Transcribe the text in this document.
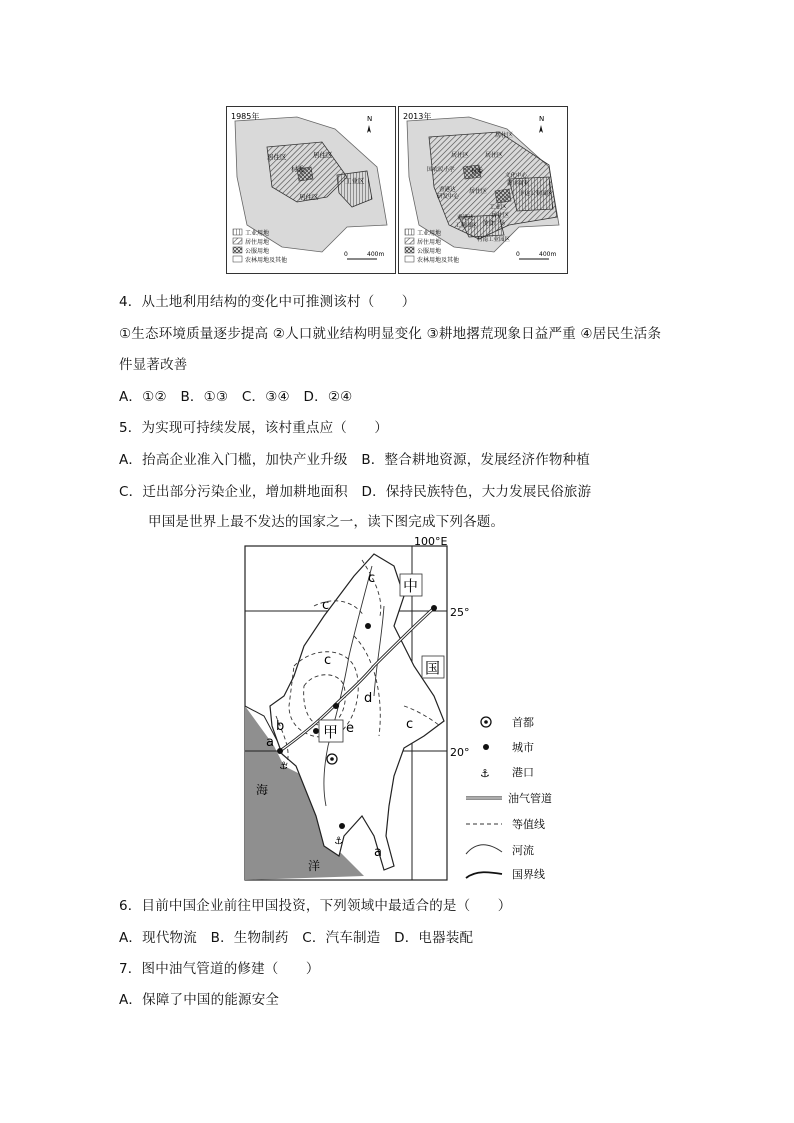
1985年	N
居住区	居住区
村委
工业区
居住区
工业用地
居住用地
公服用地
农林用地及其他
0	400m
2013年	N
居住区
居住区	居住区
国农民小学	村委
文化中心
新丰商业
丰达工业园区
香港达
研发中心
居住区
工业区
居住区
香港达
工业园区 美食广场
村南工业园区
工业用地
居住用地
公服用地
农林用地及其他
0	400m
4．从土地利用结构的变化中可推测该村（　　）
①生态环境质量逐步提高 ②人口就业结构明显变化 ③耕地撂荒现象日益严重 ④居民生活条
件显著改善
A．①②　B．①③　C．③④　D．②④
5．为实现可持续发展，该村重点应（　　）
A．抬高企业准入门槛，加快产业升级　B．整合耕地资源，发展经济作物种植
C．迁出部分污染企业，增加耕地面积　D．保持民族特色，大力发展民俗旅游
甲国是世界上最不发达的国家之一，读下图完成下列各题。
⚓
⚓
100°E
25°
20°
中
国
甲
海
洋
c
c
c
d
e
b
a
c
a
首都
城市
⚓ 港口
油气管道
等值线
河流
国界线
6．目前中国企业前往甲国投资，下列领域中最适合的是（　　）
A．现代物流　B．生物制药　C．汽车制造　D．电器装配
7．图中油气管道的修建（　　）
A．保障了中国的能源安全
